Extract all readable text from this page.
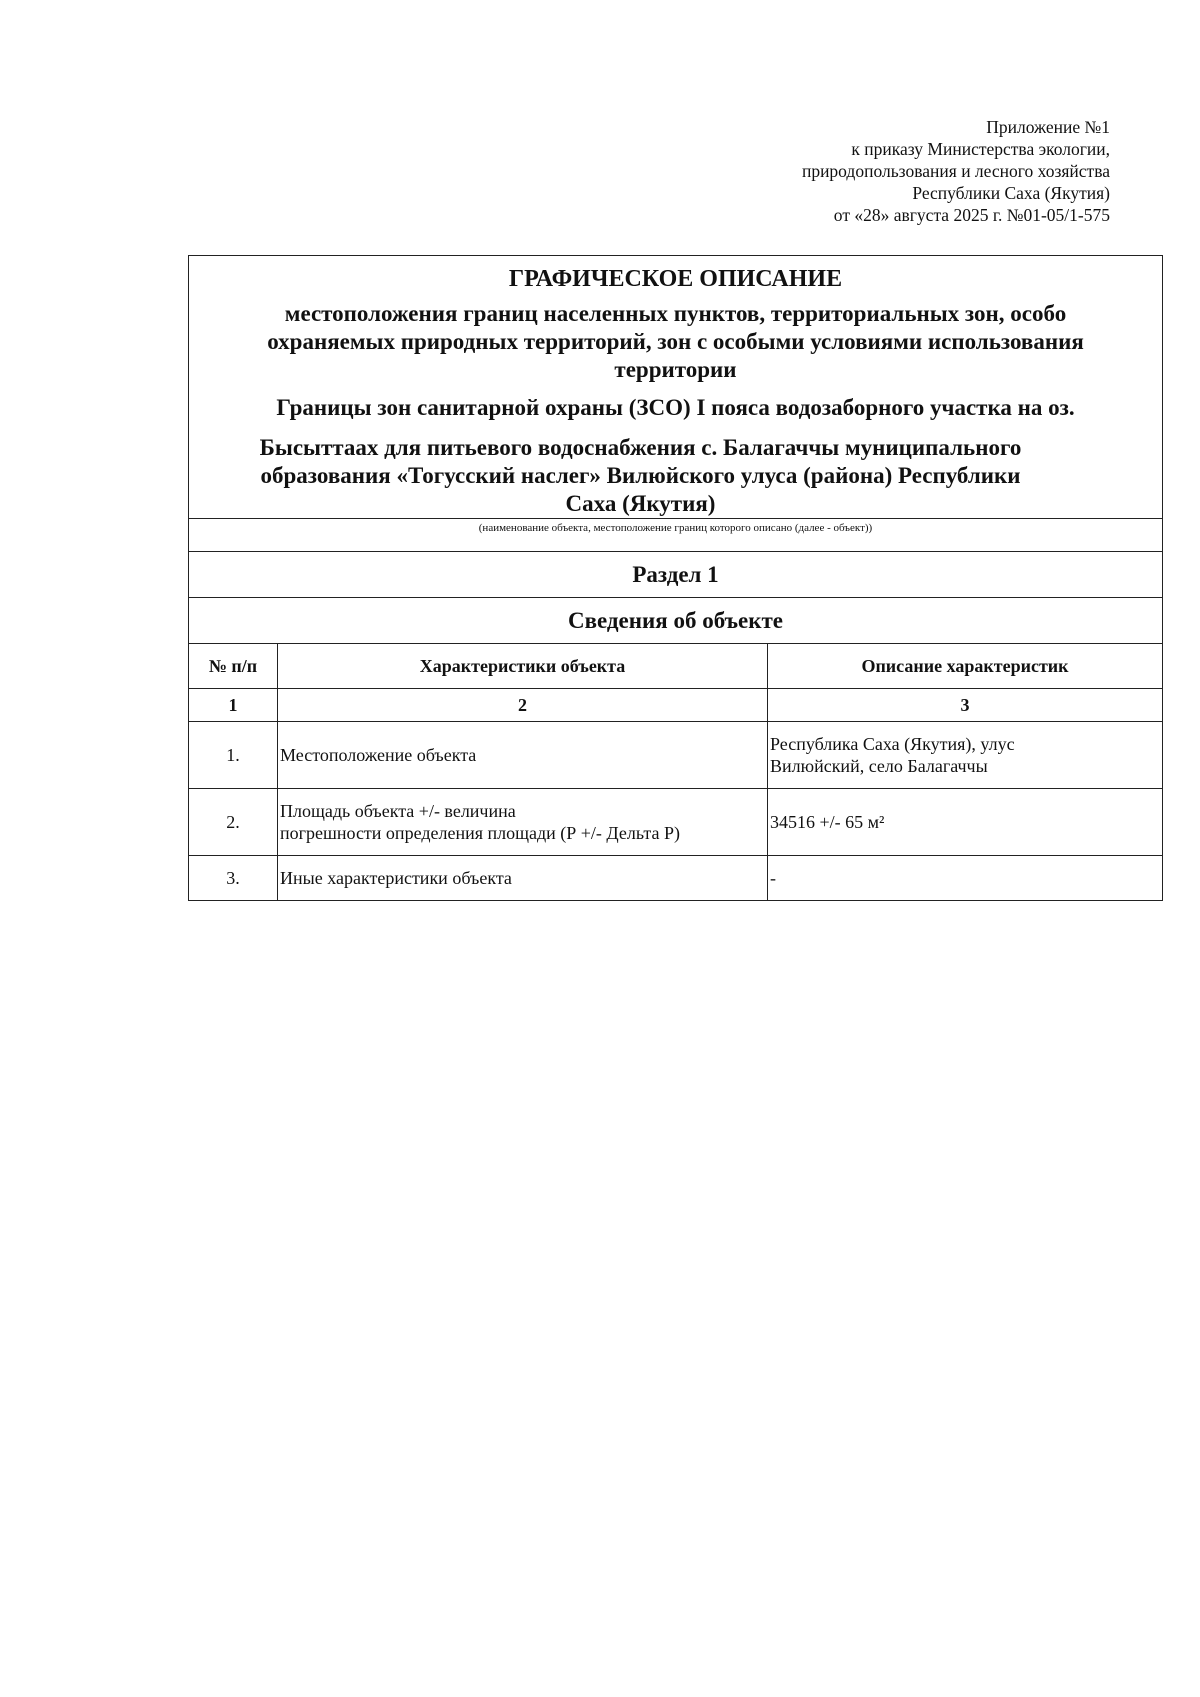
Приложение №1
к приказу Министерства экологии,
природопользования и лесного хозяйства
Республики Саха (Якутия)
от «28» августа 2025 г. №01-05/1-575
ГРАФИЧЕСКОЕ ОПИСАНИЕ
местоположения границ населенных пунктов, территориальных зон, особо
охраняемых природных территорий, зон с особыми условиями использования
территории
Границы зон санитарной охраны (ЗСО) I пояса водозаборного участка на оз.
Бысыттаах для питьевого водоснабжения с. Балагаччы муниципального
образования «Тогусский наслег» Вилюйского улуса (района) Республики
Саха (Якутия)
(наименование объекта, местоположение границ которого описано (далее - объект))
Раздел 1
Сведения об объекте
№ п/п	Характеристики объекта	Описание характеристик
1	2	3
1.	Местоположение объекта	Республика Саха (Якутия), улус
Вилюйский, село Балагаччы

2.	Площадь объекта +/- величина
погрешности определения площади (Р +/- Дельта Р)	34516 +/- 65 м²

3.	Иные характеристики объекта	-
